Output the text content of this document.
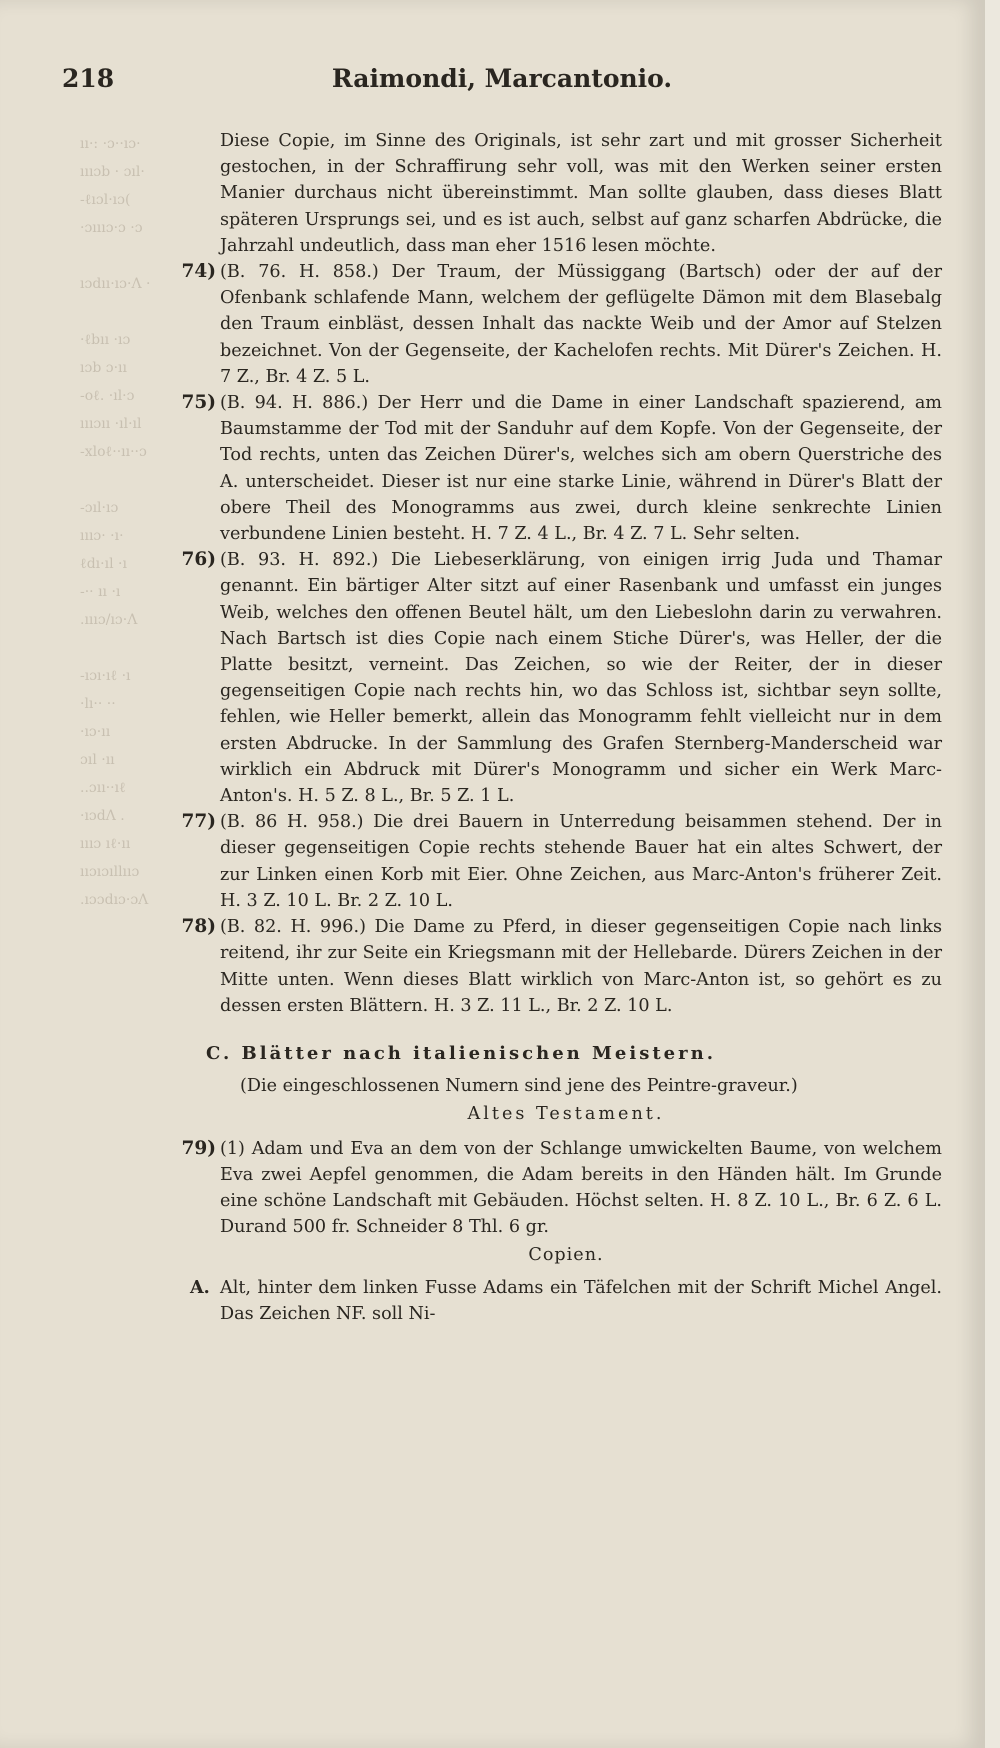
218	Raimondi, Marcantonio.
ıı·: ·ɔ··ıɔ·
ıııɔb · ɔıl·
-ℓıɔl·ıɔ(
·ɔıııɔ·ɔ ·ɔ

ıɔdıı·ıɔ·Λ ·

·ℓbıı ·ıɔ
ıɔb ɔ·ıı
-oℓ. ·ıl·ɔ
ıııɔıı ·ıl·ıl
-xloℓ··ıı··ɔ

-ɔıl·ıɔ
ıııɔ· ·ı·
ℓdı·ıl ·ı
-·· ıı ·ı
.ıııɔ/ıɔ·Λ

-ıɔı·ıℓ ·ı
·lı·· ··
·ıɔ·ıı
ɔıl ·ıı
..ɔıı··ıℓ
·ıɔdΛ .
ıııɔ ıℓ·ıı
ııɔıɔıllııɔ
.ıɔɔdıɔ·ɔΛ

Diese Copie, im Sinne des Originals, ist sehr zart und mit grosser Sicherheit gestochen, in der Schraffirung sehr voll, was mit den Werken seiner ersten Manier durchaus nicht übereinstimmt. Man sollte glauben, dass dieses Blatt späteren Ursprungs sei, und es ist auch, selbst auf ganz scharfen Abdrücke, die Jahrzahl undeutlich, dass man eher 1516 lesen möchte.

74) (B. 76. H. 858.) Der Traum, der Müssiggang (Bartsch) oder der auf der Ofenbank schlafende Mann, welchem der geflügelte Dämon mit dem Blasebalg den Traum einbläst, dessen Inhalt das nackte Weib und der Amor auf Stelzen bezeichnet. Von der Gegenseite, der Kachelofen rechts. Mit Dürer's Zeichen. H. 7 Z., Br. 4 Z. 5 L.
75) (B. 94. H. 886.) Der Herr und die Dame in einer Landschaft spazierend, am Baumstamme der Tod mit der Sanduhr auf dem Kopfe. Von der Gegenseite, der Tod rechts, unten das Zeichen Dürer's, welches sich am obern Querstriche des A. unterscheidet. Dieser ist nur eine starke Linie, während in Dürer's Blatt der obere Theil des Monogramms aus zwei, durch kleine senkrechte Linien verbundene Linien besteht. H. 7 Z. 4 L., Br. 4 Z. 7 L. Sehr selten.
76) (B. 93. H. 892.) Die Liebeserklärung, von einigen irrig Juda und Thamar genannt. Ein bärtiger Alter sitzt auf einer Rasenbank und umfasst ein junges Weib, welches den offenen Beutel hält, um den Liebeslohn darin zu verwahren. Nach Bartsch ist dies Copie nach einem Stiche Dürer's, was Heller, der die Platte besitzt, verneint. Das Zeichen, so wie der Reiter, der in dieser gegenseitigen Copie nach rechts hin, wo das Schloss ist, sichtbar seyn sollte, fehlen, wie Heller bemerkt, allein das Monogramm fehlt vielleicht nur in dem ersten Abdrucke. In der Sammlung des Grafen Sternberg-Manderscheid war wirklich ein Abdruck mit Dürer's Monogramm und sicher ein Werk Marc-Anton's. H. 5 Z. 8 L., Br. 5 Z. 1 L.
77) (B. 86 H. 958.) Die drei Bauern in Unterredung beisammen stehend. Der in dieser gegenseitigen Copie rechts stehende Bauer hat ein altes Schwert, der zur Linken einen Korb mit Eier. Ohne Zeichen, aus Marc-Anton's früherer Zeit. H. 3 Z. 10 L. Br. 2 Z. 10 L.
78) (B. 82. H. 996.) Die Dame zu Pferd, in dieser gegenseitigen Copie nach links reitend, ihr zur Seite ein Kriegsmann mit der Hellebarde. Dürers Zeichen in der Mitte unten. Wenn dieses Blatt wirklich von Marc-Anton ist, so gehört es zu dessen ersten Blättern. H. 3 Z. 11 L., Br. 2 Z. 10 L.
C. Blätter nach italienischen Meistern.

(Die eingeschlossenen Numern sind jene des Peintre-graveur.)

Altes Testament.
79) (1) Adam und Eva an dem von der Schlange umwickelten Baume, von welchem Eva zwei Aepfel genommen, die Adam bereits in den Händen hält. Im Grunde eine schöne Landschaft mit Gebäuden. Höchst selten. H. 8 Z. 10 L., Br. 6 Z. 6 L. Durand 500 fr. Schneider 8 Thl. 6 gr.
Copien.
A. Alt, hinter dem linken Fusse Adams ein Täfelchen mit der Schrift Michel Angel. Das Zeichen NF. soll Ni-
